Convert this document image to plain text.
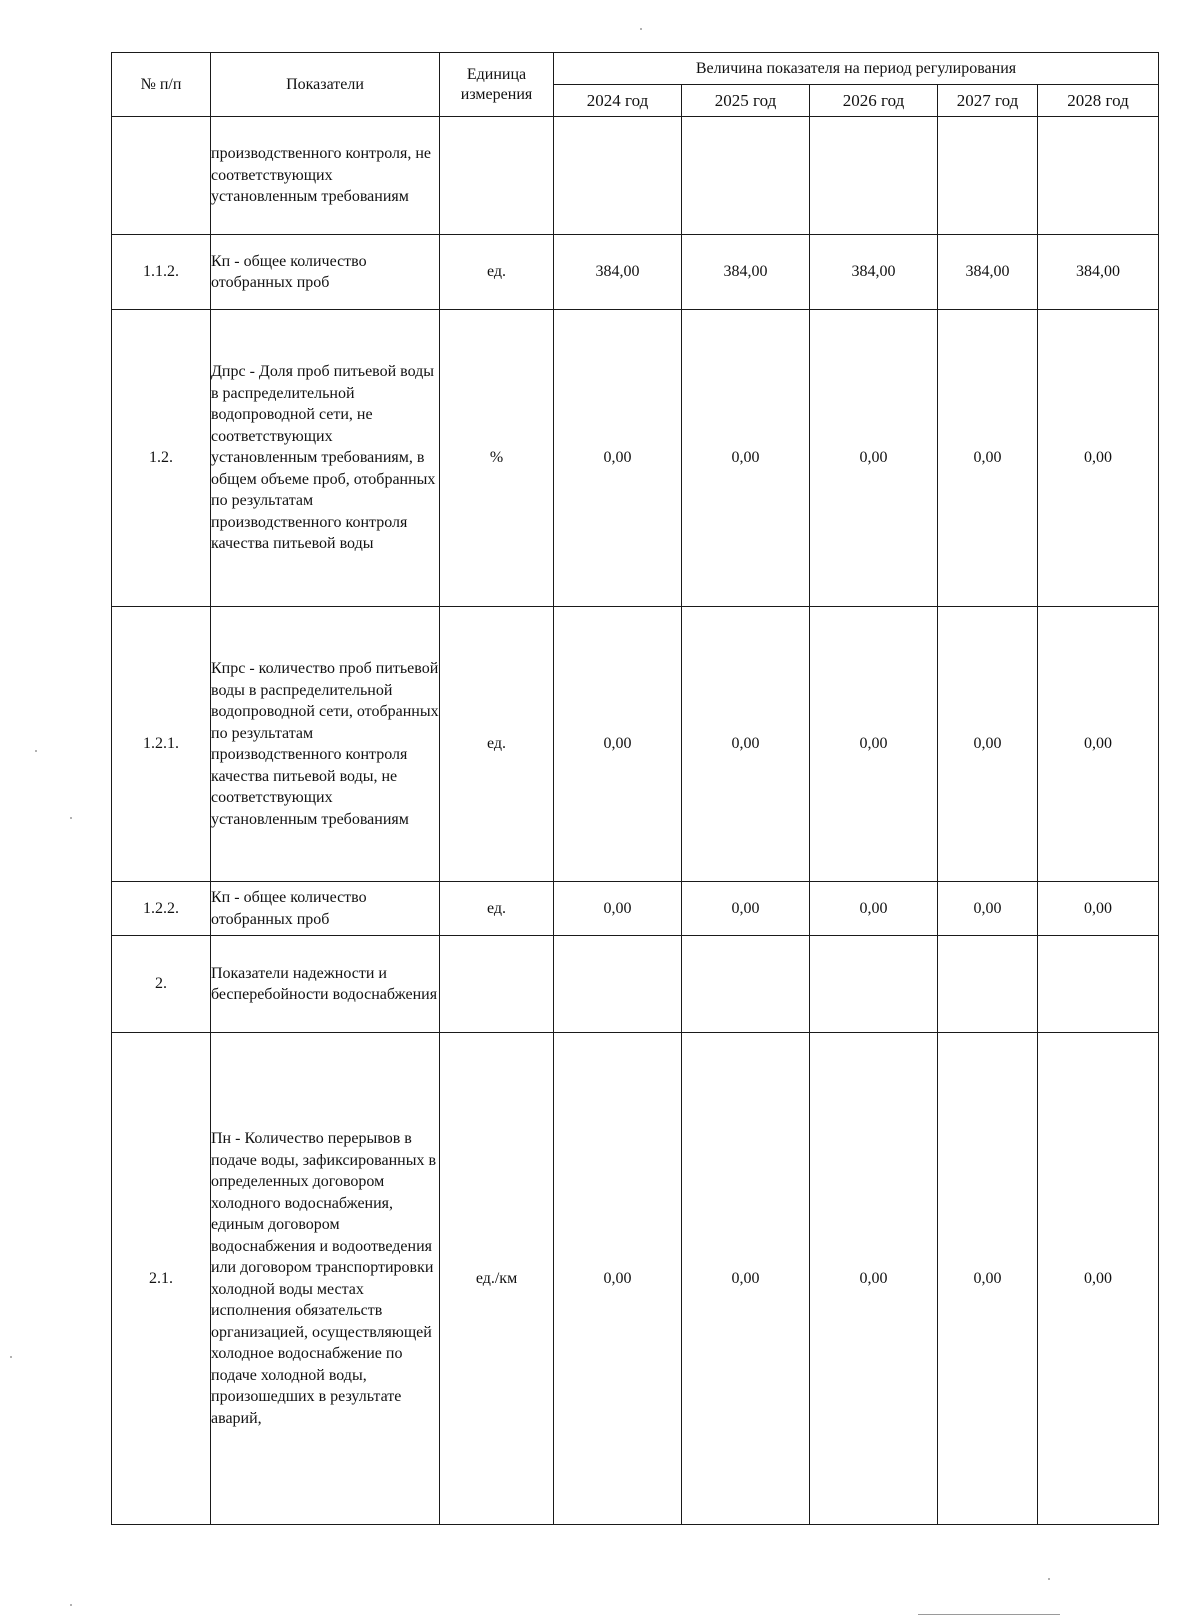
№ п/п	Показатели	Единица измерения	Величина показателя на период регулирования				
			2024 год	2025 год	2026 год	2027 год	2028 год
	производственного контроля, не соответствующих установленным требованиям						
1.1.2.	Кп - общее количество отобранных проб	ед.	384,00	384,00	384,00	384,00	384,00
1.2.	Дпрс - Доля проб питьевой воды в распределительной водопроводной сети, не соответствующих установленным требованиям, в общем объеме проб, отобранных по результатам производственного контроля качества питьевой воды	%	0,00	0,00	0,00	0,00	0,00
1.2.1.	Кпрс - количество проб питьевой воды в распределительной водопроводной сети, отобранных по результатам производственного контроля качества питьевой воды, не соответствующих установленным требованиям	ед.	0,00	0,00	0,00	0,00	0,00
1.2.2.	Кп - общее количество отобранных проб	ед.	0,00	0,00	0,00	0,00	0,00
2.	Показатели надежности и бесперебойности водоснабжения						
2.1.	Пн - Количество перерывов в подаче воды, зафиксированных в определенных договором холодного водоснабжения, единым договором водоснабжения и водоотведения или договором транспортировки холодной воды местах исполнения обязательств организацией, осуществляющей холодное водоснабжение по подаче холодной воды, произошедших в результате аварий,	ед./км	0,00	0,00	0,00	0,00	0,00
